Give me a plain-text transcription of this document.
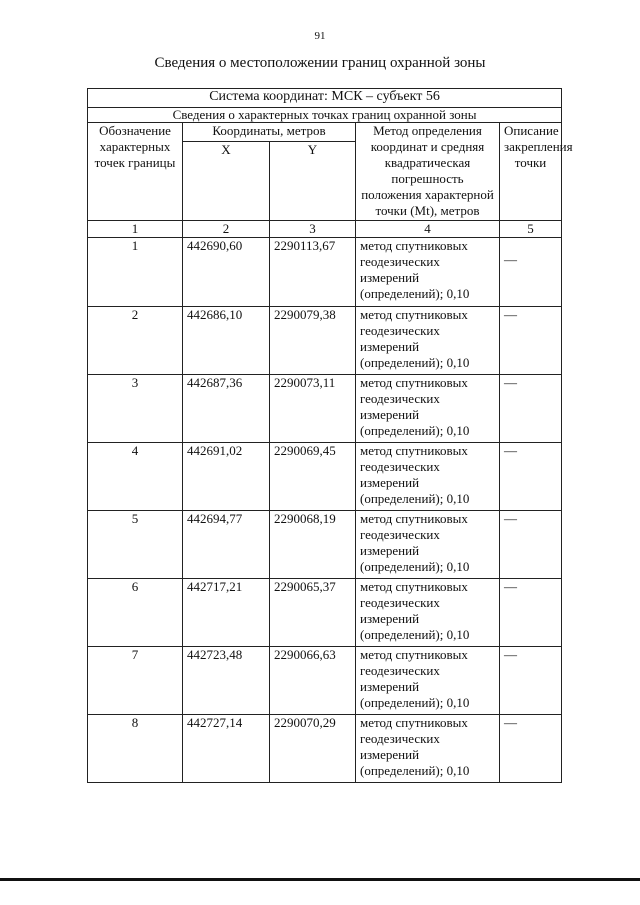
91
Сведения о местоположении границ охранной зоны
Система координат: МСК – субъект 56				
Сведения о характерных точках границ охранной зоны				
Обозначение характерных точек границы	Координаты, метров		Метод определения координат и средняя квадратическая погрешность положения характерной точки (Mt), метров	Описание закрепления точки
	X	Y		
1	2	3	4	5
1	442690,60	2290113,67	метод спутниковых геодезических измерений (определений); 0,10	—

2	442686,10	2290079,38	метод спутниковых геодезических измерений (определений); 0,10	—
3	442687,36	2290073,11	метод спутниковых геодезических измерений (определений); 0,10	—
4	442691,02	2290069,45	метод спутниковых геодезических измерений (определений); 0,10	—
5	442694,77	2290068,19	метод спутниковых геодезических измерений (определений); 0,10	—
6	442717,21	2290065,37	метод спутниковых геодезических измерений (определений); 0,10	—
7	442723,48	2290066,63	метод спутниковых геодезических измерений (определений); 0,10	—
8	442727,14	2290070,29	метод спутниковых геодезических измерений (определений); 0,10	—
